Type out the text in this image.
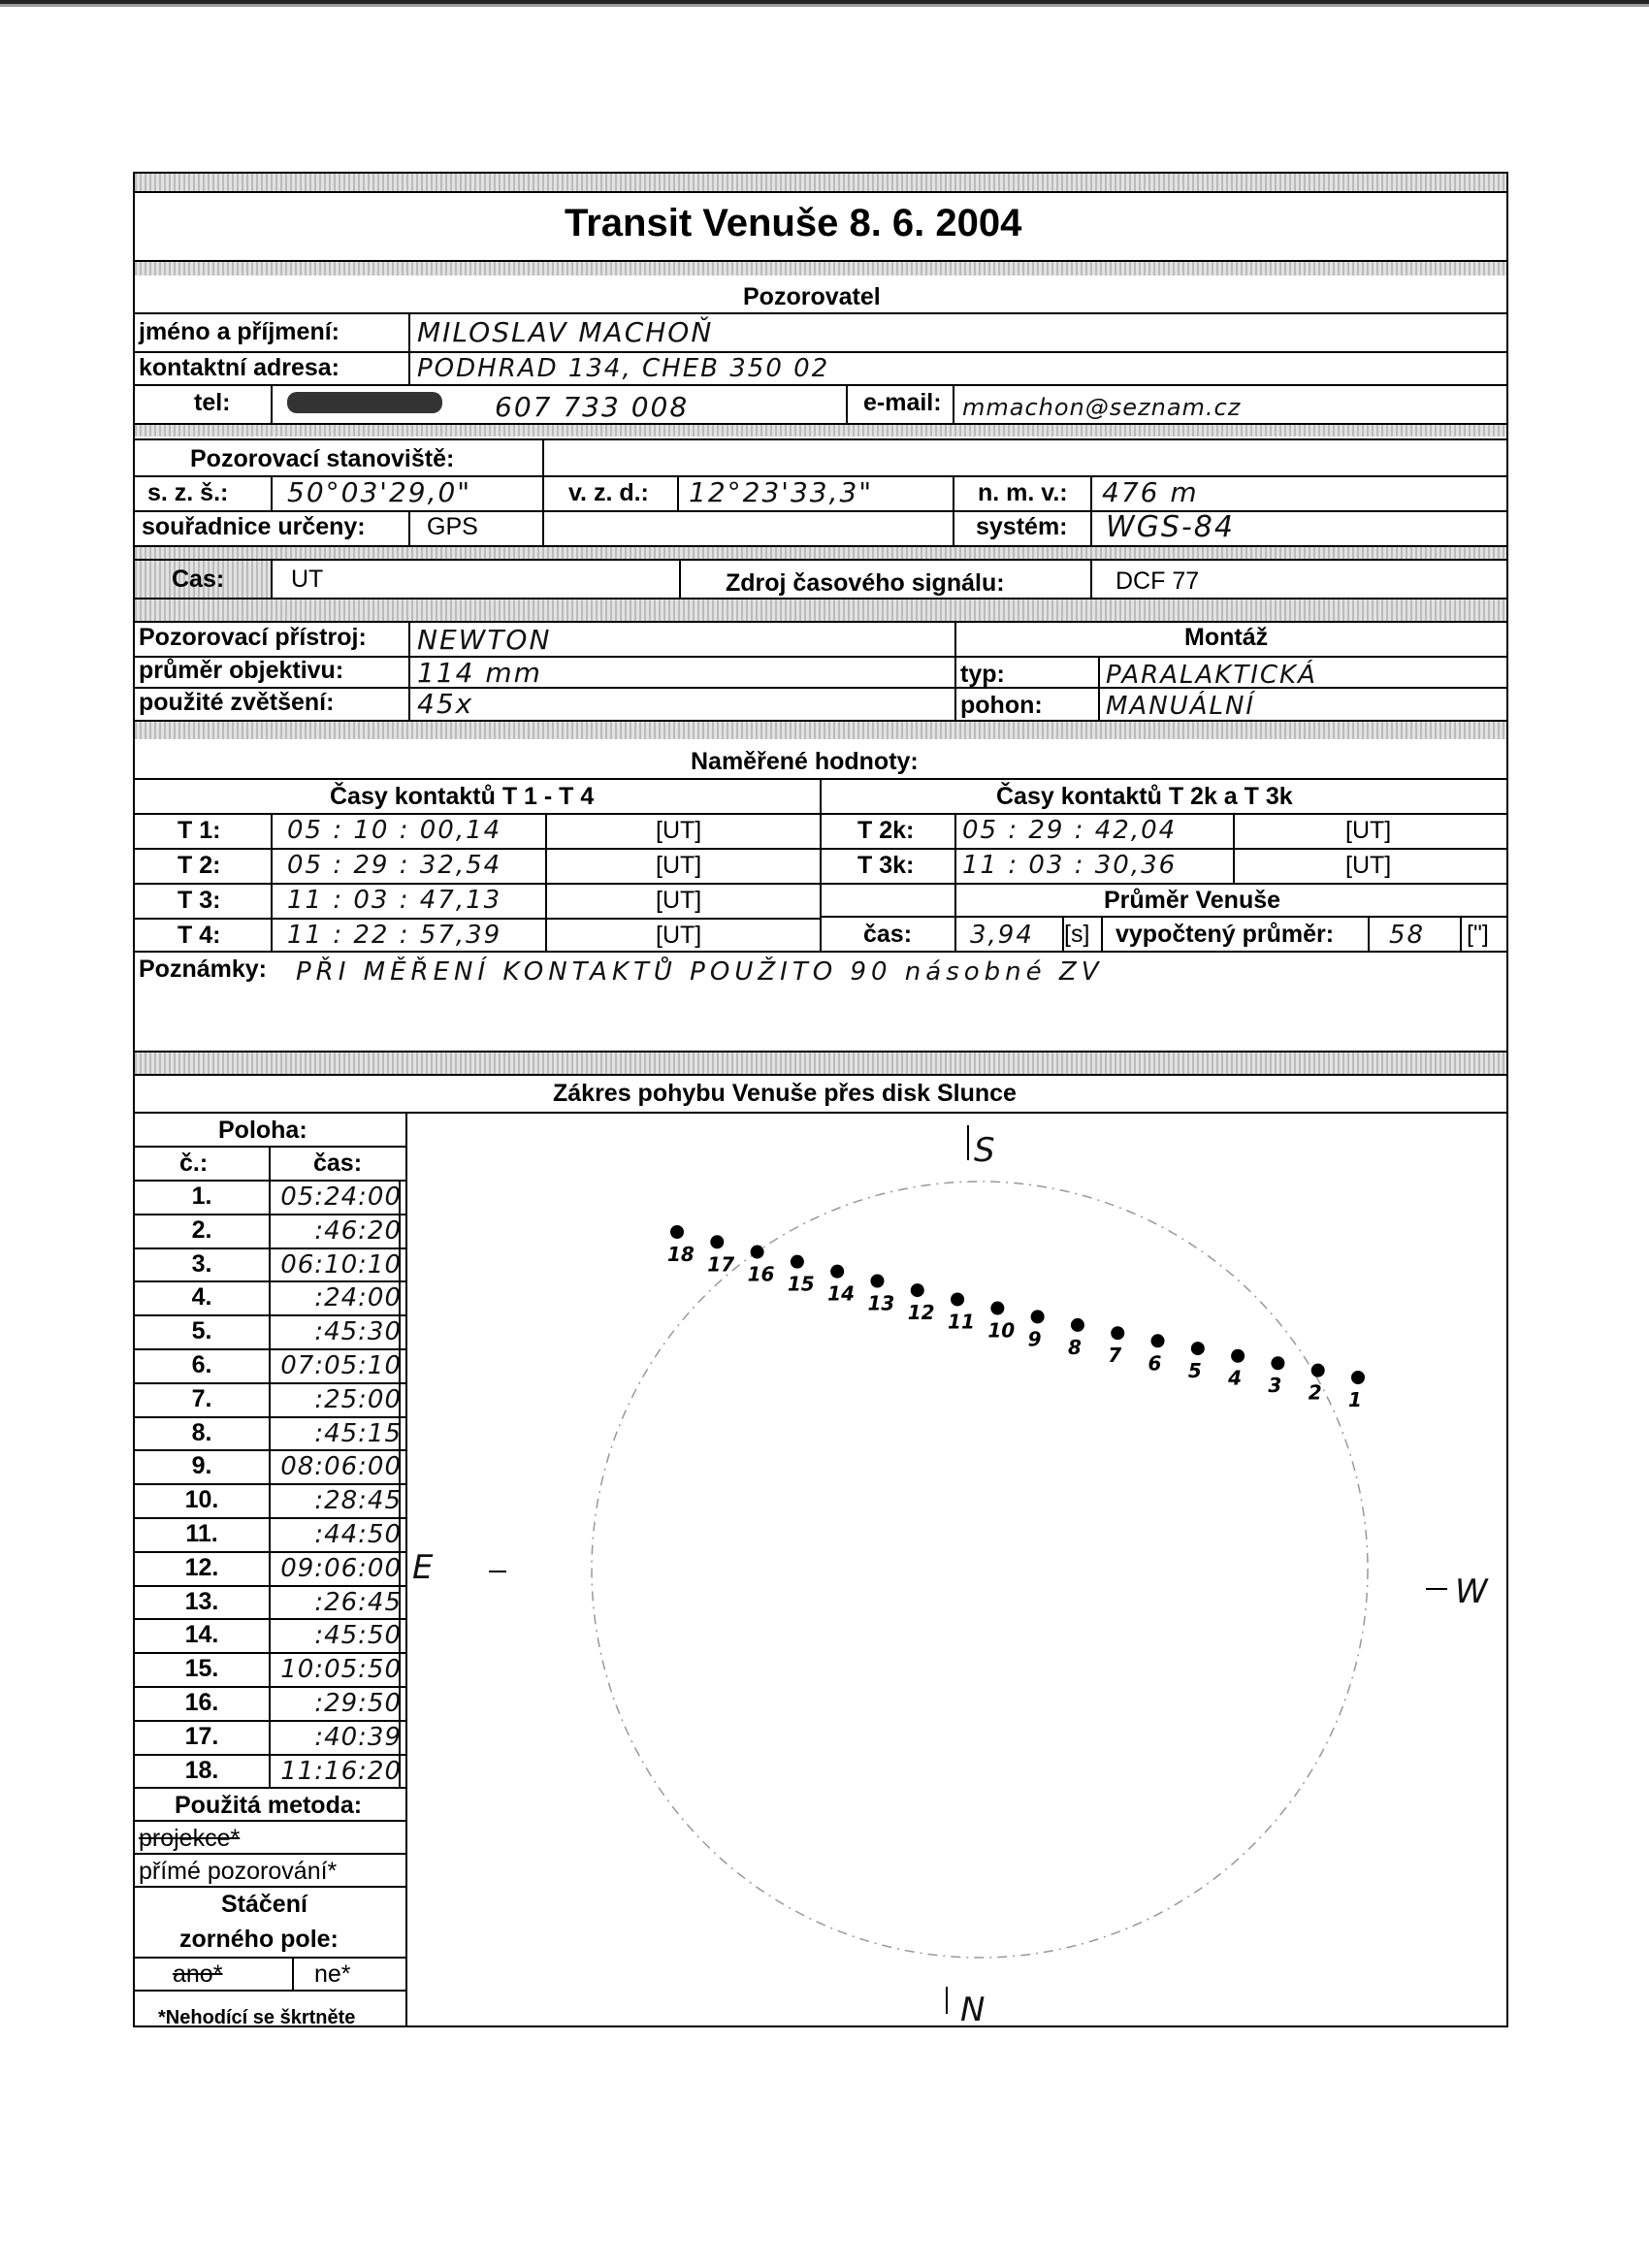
Transit Venuše 8. 6. 2004
Pozorovatel
jméno a příjmení:	MILOSLAV MACHOŇ
kontaktní adresa:	PODHRAD 134, CHEB 350 02
tel:	607 733 008	e-mail: mmachon@seznam.cz
Pozorovací stanoviště:
s. z. š.: 50°03'29,0"	v. z. d.: 12°23'33,3"	n. m. v.: 476 m
souřadnice určeny:	GPS	systém: WGS-84
Cas:	UT	Zdroj časového signálu:	DCF 77
Pozorovací přístroj: NEWTON	Montáž
průměr objektivu:	114 mm	typ:	PARALAKTICKÁ
použité zvětšení:	45x	pohon:	MANUÁLNÍ
Naměřené hodnoty:
Časy kontaktů T 1 - T 4	Časy kontaktů T 2k a T 3k
T 1:	05 : 10 : 00,14	[UT]
T 2:	05 : 29 : 32,54	[UT]
T 3:	11 : 03 : 47,13	[UT]
T 4:	11 : 22 : 57,39	[UT]
T 2k: 05 : 29 : 42,04	[UT]
T 3k: 11 : 03 : 30,36	[UT]
Průměr Venuše
čas: 3,94 [s] vypočtený průměr: 58 ["]
Poznámky: PŘI MĚŘENÍ KONTAKTŮ POUŽITO 90 násobné ZV
Zákres pohybu Venuše přes disk Slunce
Poloha:
č.:	čas:
1.	05:24:00
2.	:46:20
3.	06:10:10
4.	:24:00
5.	:45:30
6.	07:05:10
7.	:25:00
8.	:45:15
9.	08:06:00
10.	:28:45
11.	:44:50
12.	09:06:00
13.	:26:45
14.	:45:50
15.	10:05:50
16.	:29:50
17.	:40:39
18.	11:16:20
Použitá metoda:
projekce*
přímé pozorování*
Stáčení
zorného pole:
ano*	ne*
*Nehodící se škrtněte
1
2
3
4
5
6
7
8
9
10
11
12
13
14
15
16
17
18
S
N
E
W
